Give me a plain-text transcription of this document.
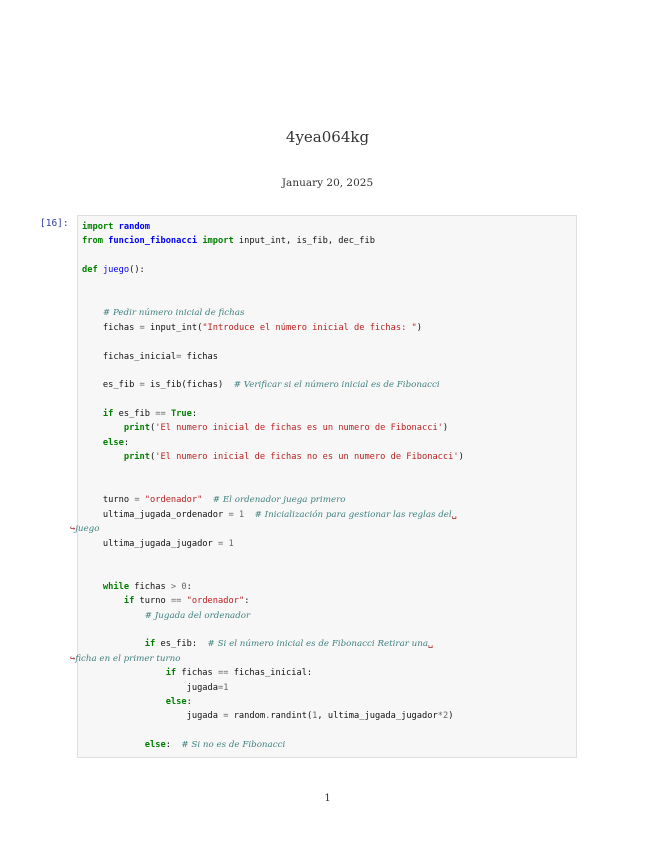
4yea064kg
January 20, 2025
[16]:	import random
from funcion_fibonacci import input_int, is_fib, dec_fib
def juego():
# Pedir número inicial de fichas
fichas = input_int("Introduce el número inicial de fichas: ")
fichas_inicial= fichas
es_fib = is_fib(fichas)  # Verificar si el número inicial es de Fibonacci
if es_fib == True:
print('El numero inicial de fichas es un numero de Fibonacci')
else:
print('El numero inicial de fichas no es un numero de Fibonacci')
turno = "ordenador" # El ordenador juega primero
ultima_jugada_ordenador = 1 # Inicialización para gestionar las reglas del␣
↪juego
ultima_jugada_jugador = 1
while fichas > 0:
if turno == "ordenador":
# Jugada del ordenador
if es_fib:  # Si el número inicial es de Fibonacci Retirar una␣
↪ficha en el primer turno
if fichas == fichas_inicial:
jugada=1
else:
jugada = random.randint(1, ultima_jugada_jugador*2)
else:  # Si no es de Fibonacci
1
